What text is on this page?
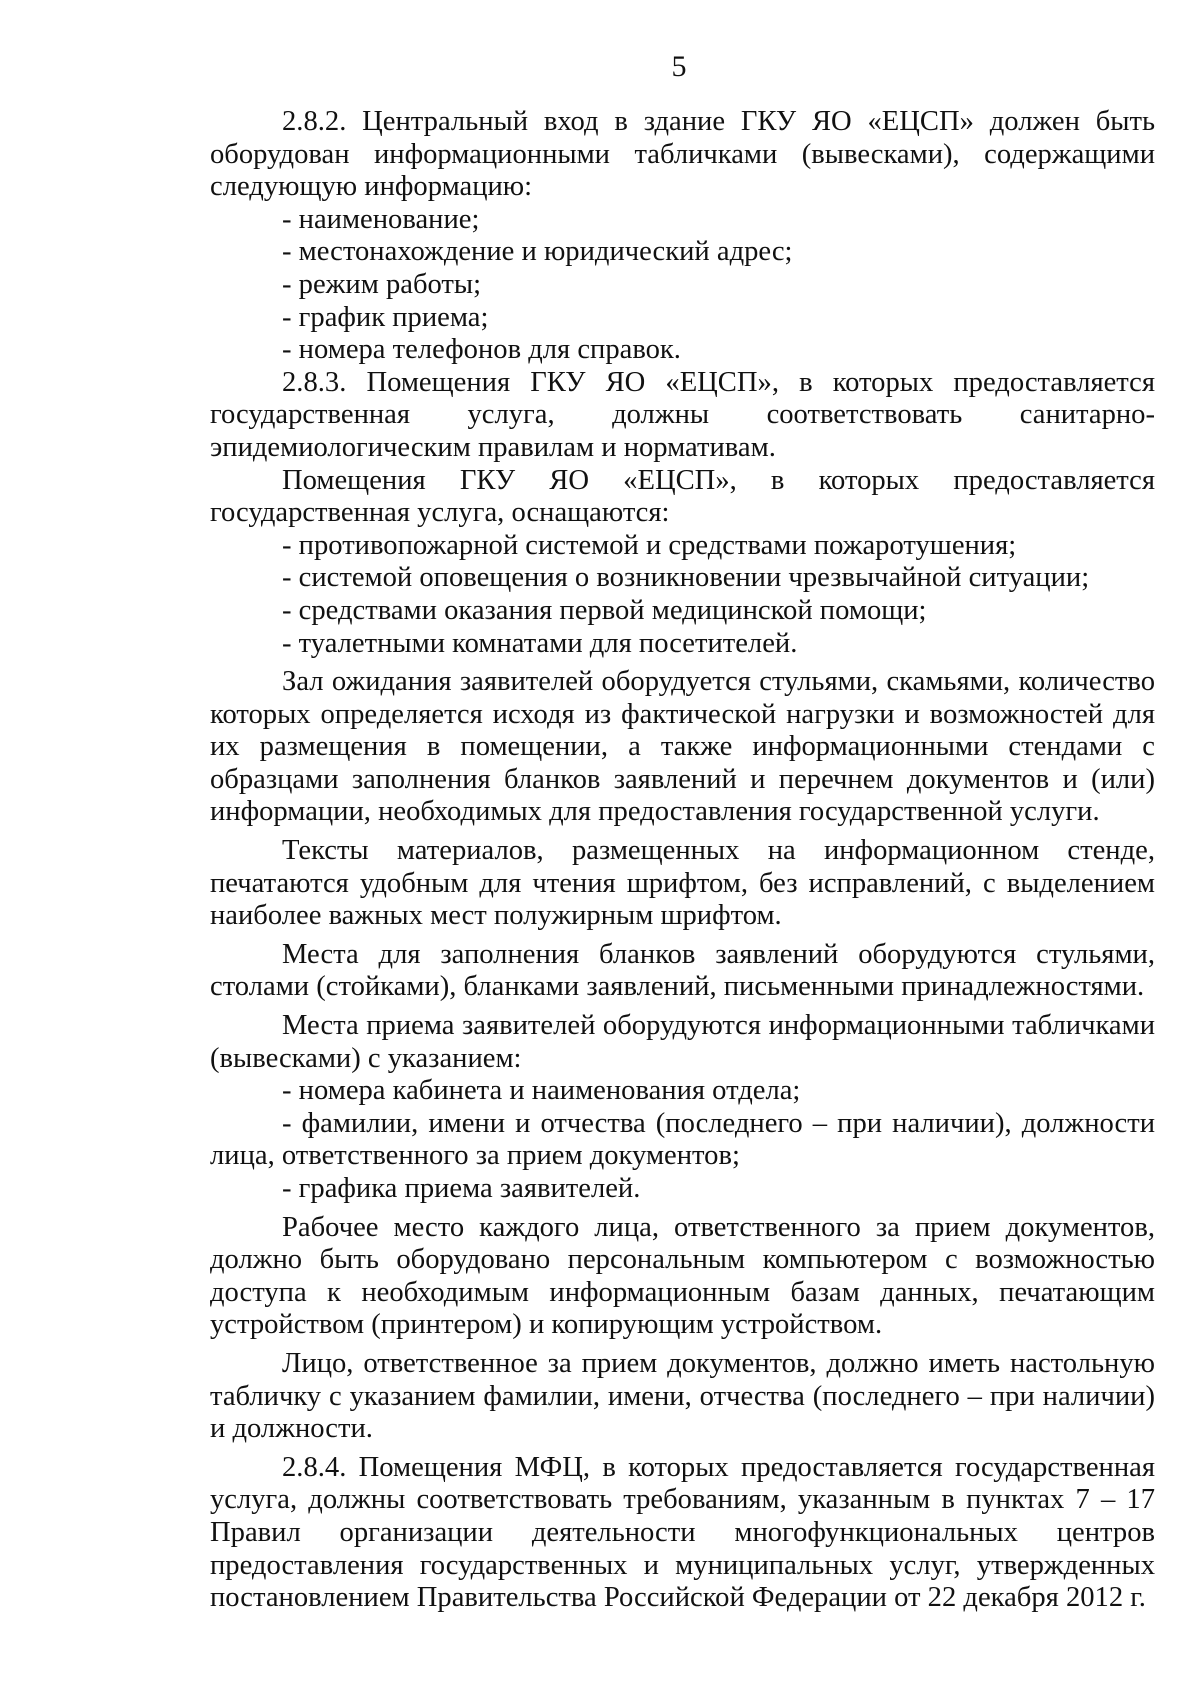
5

2.8.2. Центральный вход в здание ГКУ ЯО «ЕЦСП» должен быть оборудован информационными табличками (вывесками), содержащими следующую информацию:

- наименование;

- местонахождение и юридический адрес;

- режим работы;

- график приема;

- номера телефонов для справок.

2.8.3. Помещения ГКУ ЯО «ЕЦСП», в которых предоставляется государственная услуга, должны соответствовать санитарно-эпидемиологическим правилам и нормативам.

Помещения ГКУ ЯО «ЕЦСП», в которых предоставляется государственная услуга, оснащаются:

- противопожарной системой и средствами пожаротушения;

- системой оповещения о возникновении чрезвычайной ситуации;

- средствами оказания первой медицинской помощи;

- туалетными комнатами для посетителей.

Зал ожидания заявителей оборудуется стульями, скамьями, количество которых определяется исходя из фактической нагрузки и возможностей для их размещения в помещении, а также информационными стендами с образцами заполнения бланков заявлений и перечнем документов и (или) информации, необходимых для предоставления государственной услуги.

Тексты материалов, размещенных на информационном стенде, печатаются удобным для чтения шрифтом, без исправлений, с выделением наиболее важных мест полужирным шрифтом.

Места для заполнения бланков заявлений оборудуются стульями, столами (стойками), бланками заявлений, письменными принадлежностями.

Места приема заявителей оборудуются информационными табличками (вывесками) с указанием:

- номера кабинета и наименования отдела;

- фамилии, имени и отчества (последнего – при наличии), должности лица, ответственного за прием документов;

- графика приема заявителей.

Рабочее место каждого лица, ответственного за прием документов, должно быть оборудовано персональным компьютером с возможностью доступа к необходимым информационным базам данных, печатающим устройством (принтером) и копирующим устройством.

Лицо, ответственное за прием документов, должно иметь настольную табличку с указанием фамилии, имени, отчества (последнего – при наличии) и должности.

2.8.4. Помещения МФЦ, в которых предоставляется государственная услуга, должны соответствовать требованиям, указанным в пунктах 7 – 17 Правил организации деятельности многофункциональных центров предоставления государственных и муниципальных услуг, утвержденных постановлением Правительства Российской Федерации от 22 декабря 2012 г.
